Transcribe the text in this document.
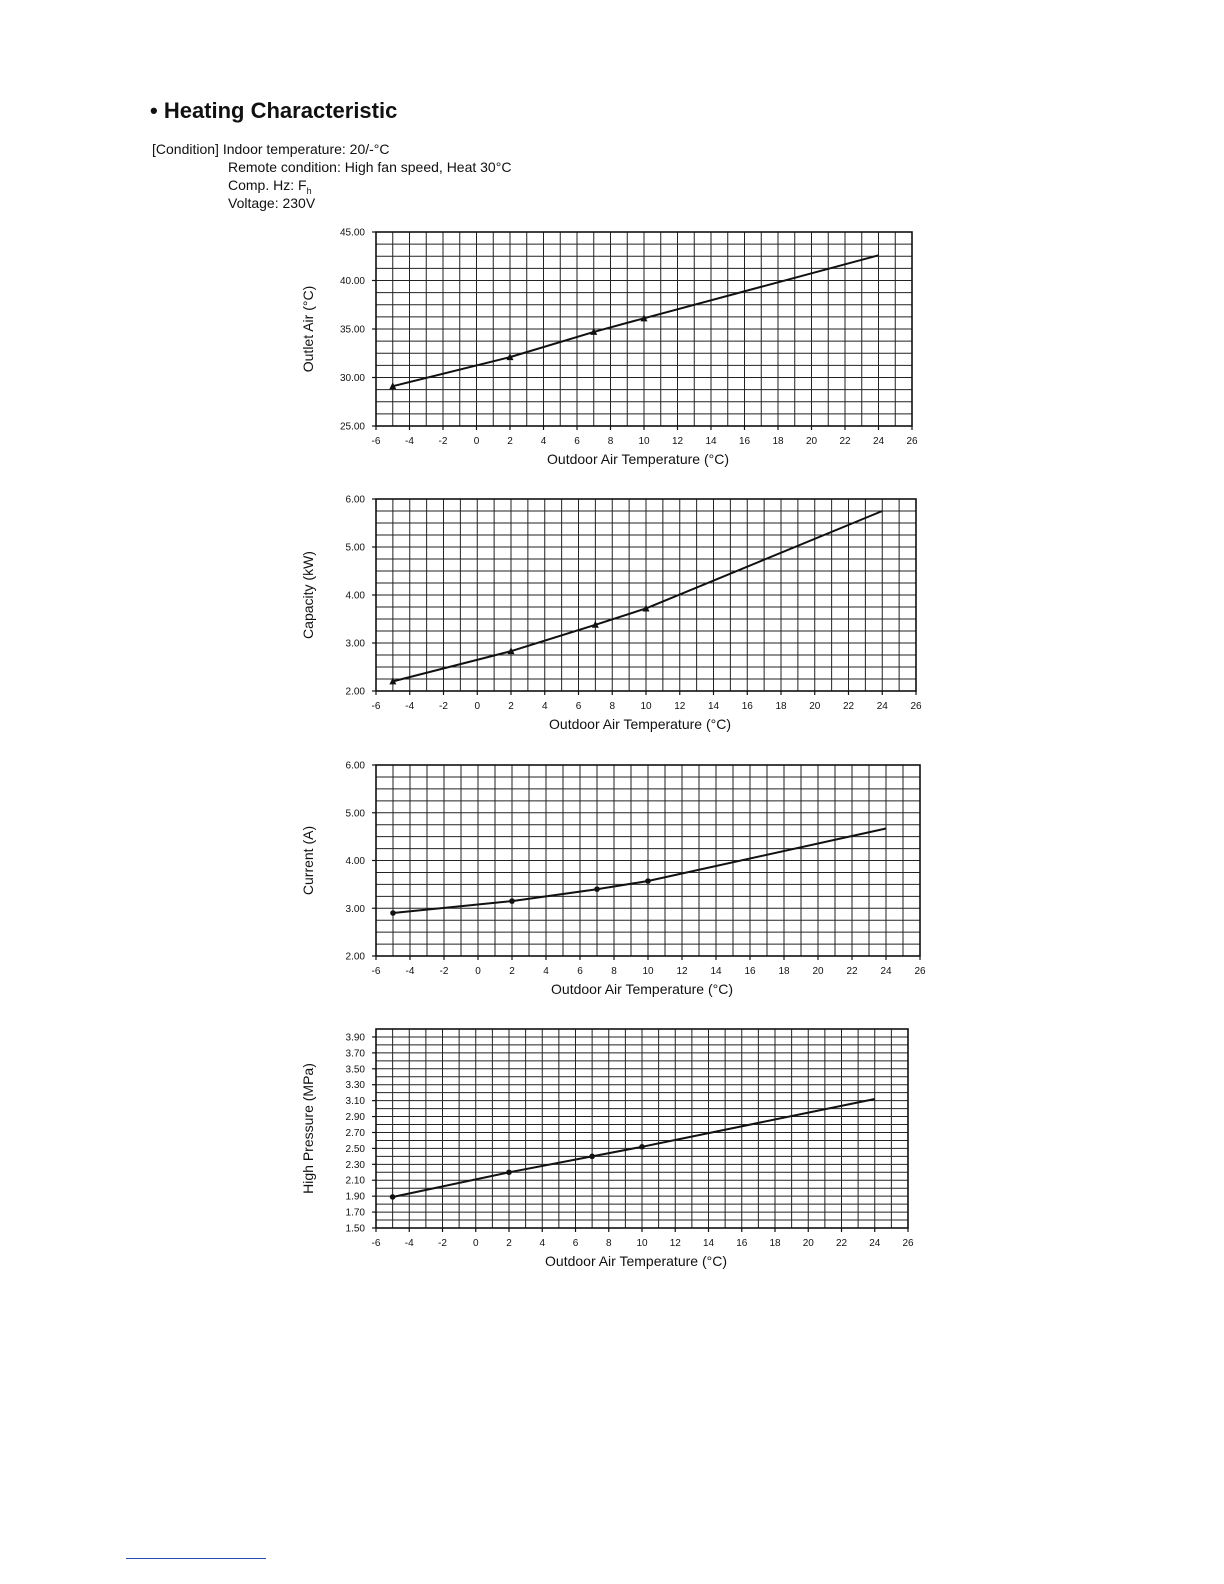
• Heating Characteristic
[Condition] Indoor temperature: 20/-°C
Remote condition: High fan speed, Heat 30°C
Comp. Hz: $F_h$
Voltage: 230V
25.00
30.00
35.00
40.00
45.00
-6 -4 -2	0	2	4	6	8	10 12 14 16 18 20 22 24 26
Outdoor Air Temperature (°C)
Outlet Air (°C)
2.00
3.00
4.00
5.00
6.00
-6 -4 -2	0	2	4	6	8	10 12 14 16 18 20 22 24 26
Outdoor Air Temperature (°C)
Capacity (kW)
2.00
3.00
4.00
5.00
6.00
-6	-4	-2	0	2	4	6	8	10 12 14 16 18 20 22 24 26
Outdoor Air Temperature (°C)
Current (A)
1.50
1.70
1.90
2.10
2.30
2.50
2.70
2.90
3.10
3.30
3.50
3.70
3.90
-6 -4 -2	0	2	4	6	8 10 12 14 16 18 20 22 24 26
Outdoor Air Temperature (°C)
High Pressure (MPa)
